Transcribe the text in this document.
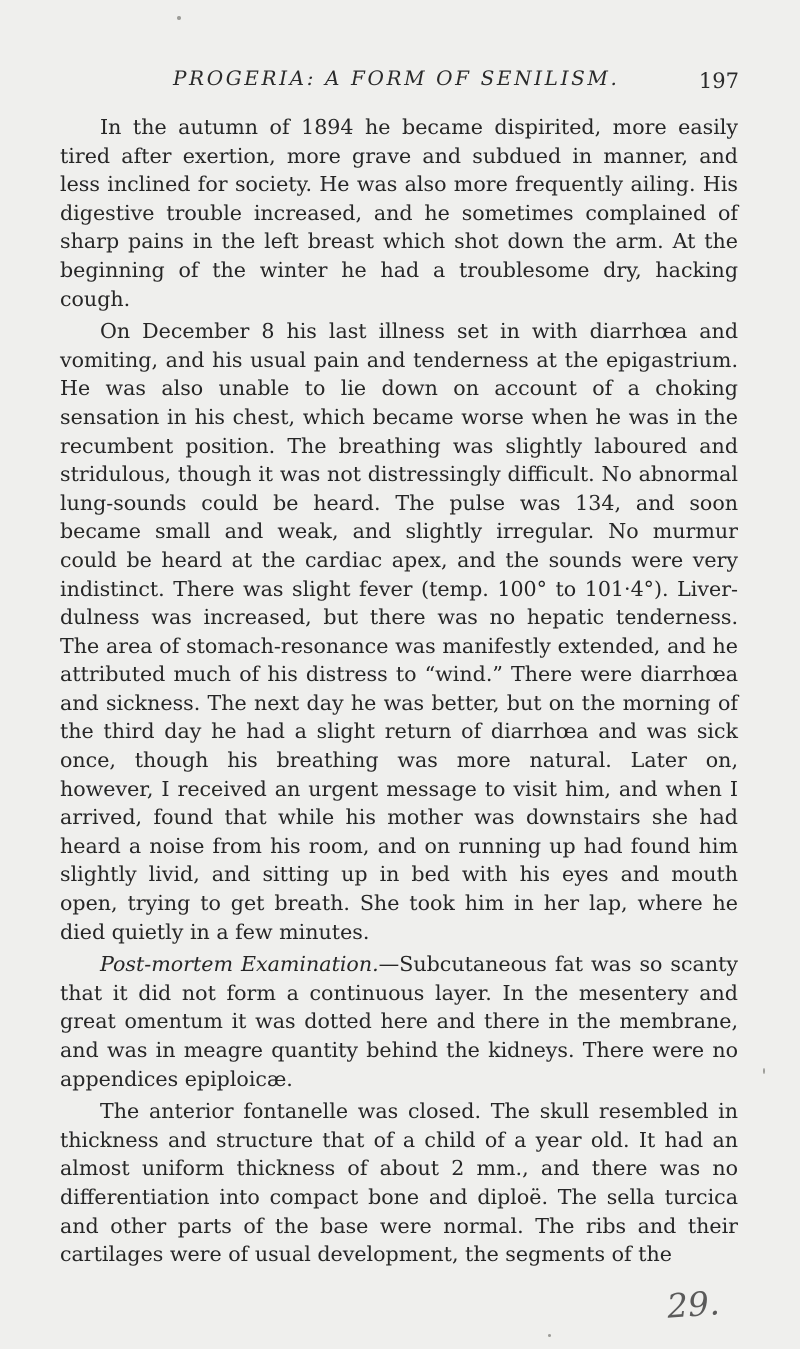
PROGERIA: A FORM OF SENILISM.	197

In the autumn of 1894 he became dispirited, more easily tired after exertion, more grave and subdued in manner, and less inclined for society. He was also more frequently ailing. His digestive trouble increased, and he sometimes complained of sharp pains in the left breast which shot down the arm. At the beginning of the winter he had a troublesome dry, hacking cough.

On December 8 his last illness set in with diarrhœa and vomiting, and his usual pain and tenderness at the epigastrium. He was also unable to lie down on account of a choking sensation in his chest, which became worse when he was in the recumbent position. The breathing was slightly laboured and stridulous, though it was not distressingly difficult. No abnormal lung-sounds could be heard. The pulse was 134, and soon became small and weak, and slightly irregular. No murmur could be heard at the cardiac apex, and the sounds were very indistinct. There was slight fever (temp. 100° to 101·4°). Liver-dulness was increased, but there was no hepatic tenderness. The area of stomach-resonance was manifestly extended, and he attributed much of his distress to “wind.” There were diarrhœa and sickness. The next day he was better, but on the morning of the third day he had a slight return of diarrhœa and was sick once, though his breathing was more natural. Later on, however, I received an urgent message to visit him, and when I arrived, found that while his mother was downstairs she had heard a noise from his room, and on running up had found him slightly livid, and sitting up in bed with his eyes and mouth open, trying to get breath. She took him in her lap, where he died quietly in a few minutes.

Post-mortem Examination.—Subcutaneous fat was so scanty that it did not form a continuous layer. In the mesentery and great omentum it was dotted here and there in the membrane, and was in meagre quantity behind the kidneys. There were no appendices epiploicæ.

The anterior fontanelle was closed. The skull resembled in thickness and structure that of a child of a year old. It had an almost uniform thickness of about 2 mm., and there was no differentiation into compact bone and diploë. The sella turcica and other parts of the base were normal. The ribs and their cartilages were of usual development, the segments of the

29.
